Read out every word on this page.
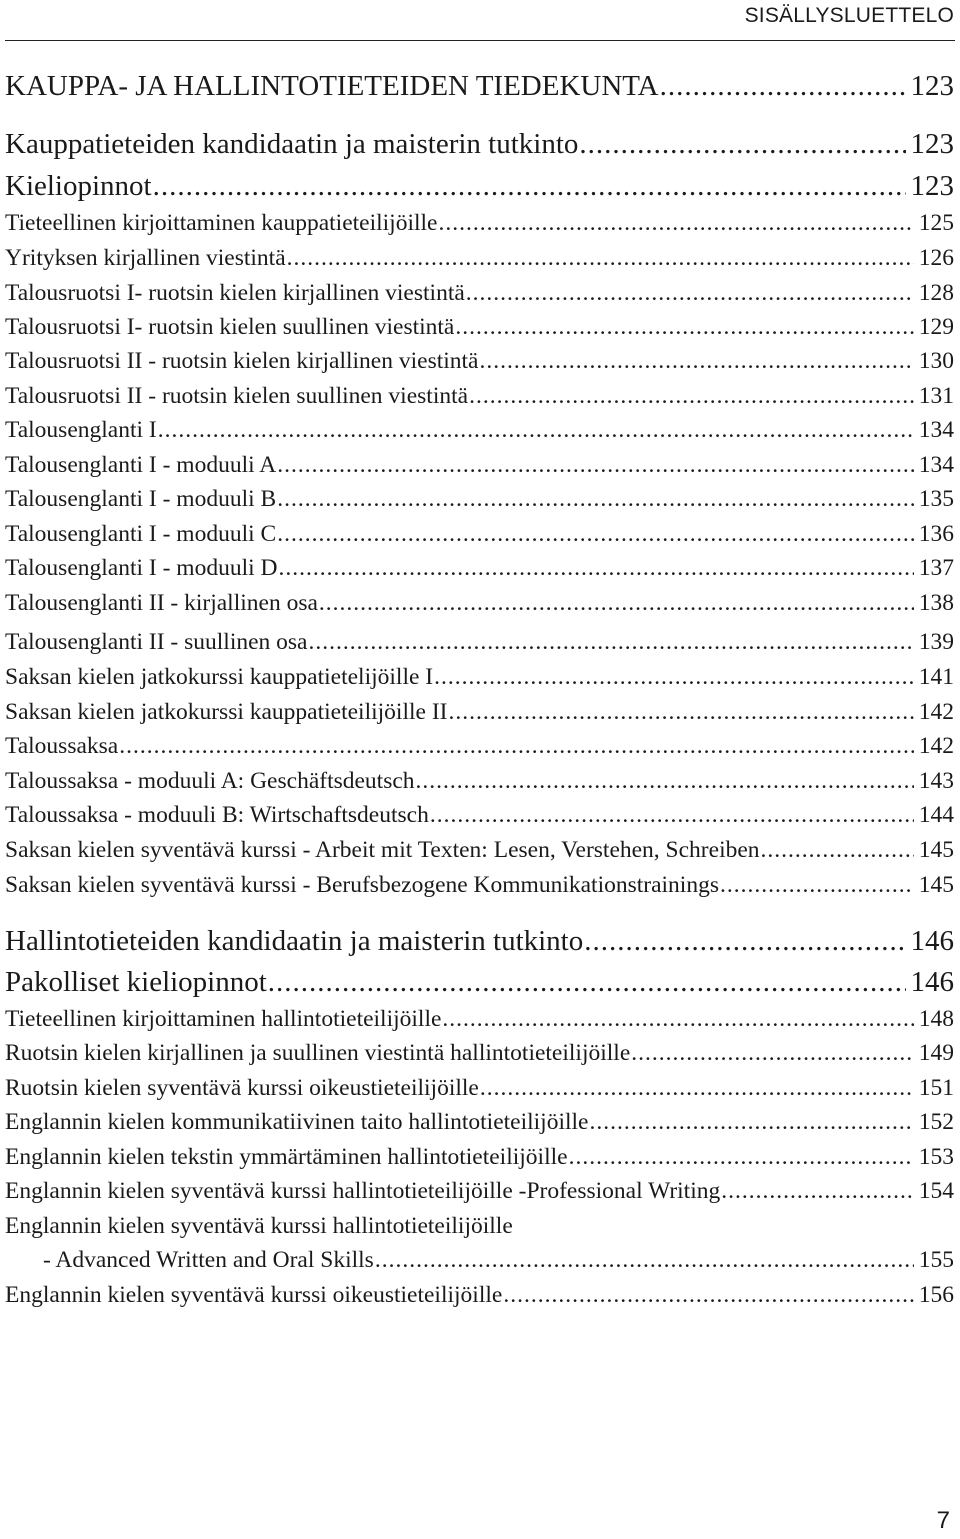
SISÄLLYSLUETTELO
KAUPPA- JA HALLINTOTIETEIDEN TIEDEKUNTA .....	123
Kauppatieteiden kandidaatin ja maisterin tutkinto .....	123
Kieliopinnot .....	123
Tieteellinen kirjoittaminen kauppatieteilijöille .....	125
Yrityksen kirjallinen viestintä .....	126
Talousruotsi I- ruotsin kielen kirjallinen viestintä .....	128
Talousruotsi I- ruotsin kielen suullinen viestintä .....	129
Talousruotsi II - ruotsin kielen kirjallinen viestintä .....	130
Talousruotsi II - ruotsin kielen suullinen viestintä .....	131
Talousenglanti I .....	134
Talousenglanti I - moduuli A .....	134
Talousenglanti I - moduuli B .....	135
Talousenglanti I - moduuli C .....	136
Talousenglanti I - moduuli D .....	137
Talousenglanti II - kirjallinen osa .....	138
Talousenglanti II - suullinen osa .....	139
Saksan kielen jatkokurssi kauppatietelijöille I .....	141
Saksan kielen jatkokurssi kauppatieteilijöille II .....	142
Taloussaksa .....	142
Taloussaksa - moduuli A: Geschäftsdeutsch .....	143
Taloussaksa - moduuli B: Wirtschaftsdeutsch .....	144
Saksan kielen syventävä kurssi - Arbeit mit Texten: Lesen, Verstehen, Schreiben .....	145
Saksan kielen syventävä kurssi - Berufsbezogene Kommunikationstrainings .....	145
Hallintotieteiden kandidaatin ja maisterin tutkinto .....	146
Pakolliset kieliopinnot .....	146
Tieteellinen kirjoittaminen hallintotieteilijöille .....	148
Ruotsin kielen kirjallinen ja suullinen viestintä hallintotieteilijöille .....	149
Ruotsin kielen syventävä kurssi oikeustieteilijöille .....	151
Englannin kielen kommunikatiivinen taito hallintotieteilijöille .....	152
Englannin kielen tekstin ymmärtäminen hallintotieteilijöille .....	153
Englannin kielen syventävä kurssi hallintotieteilijöille -Professional Writing .....	154
Englannin kielen syventävä kurssi hallintotieteilijöille
- Advanced Written and Oral Skills .....	155
Englannin kielen syventävä kurssi oikeustieteilijöille .....	156
7
